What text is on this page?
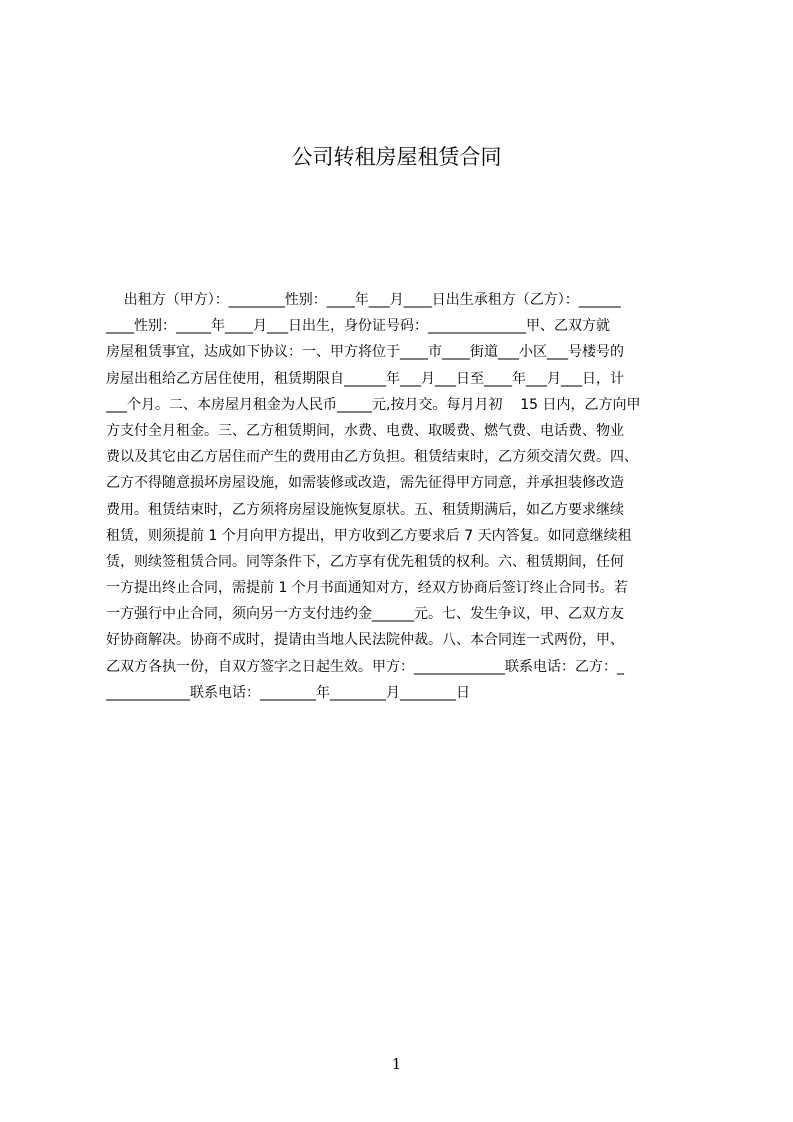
公司转租房屋租赁合同
出租方（甲方）：________性别：____年___月____日出生承租方（乙方）：______
____性别：_____年____月___日出生，身份证号码：______________甲、乙双方就
房屋租赁事宜，达成如下协议：一、甲方将位于____市____街道___小区___号楼号的
房屋出租给乙方居住使用，租赁期限自______年___月___日至____年___月___日，计
___个月。二、本房屋月租金为人民币_____元,按月交。每月月初    15 日内，乙方向甲
方支付全月租金。三、乙方租赁期间，水费、电费、取暖费、燃气费、电话费、物业
费以及其它由乙方居住而产生的费用由乙方负担。租赁结束时，乙方须交清欠费。四、
乙方不得随意损坏房屋设施，如需装修或改造，需先征得甲方同意，并承担装修改造
费用。租赁结束时，乙方须将房屋设施恢复原状。五、租赁期满后，如乙方要求继续
租赁，则须提前 1 个月向甲方提出，甲方收到乙方要求后 7 天内答复。如同意继续租
赁，则续签租赁合同。同等条件下，乙方享有优先租赁的权利。六、租赁期间，任何
一方提出终止合同，需提前 1 个月书面通知对方，经双方协商后签订终止合同书。若
一方强行中止合同，须向另一方支付违约金______元。七、发生争议，甲、乙双方友
好协商解决。协商不成时，提请由当地人民法院仲裁。八、本合同连一式两份，甲、
乙双方各执一份，自双方签字之日起生效。甲方：_____________联系电话：乙方：_
____________联系电话：________年________月________日
1
